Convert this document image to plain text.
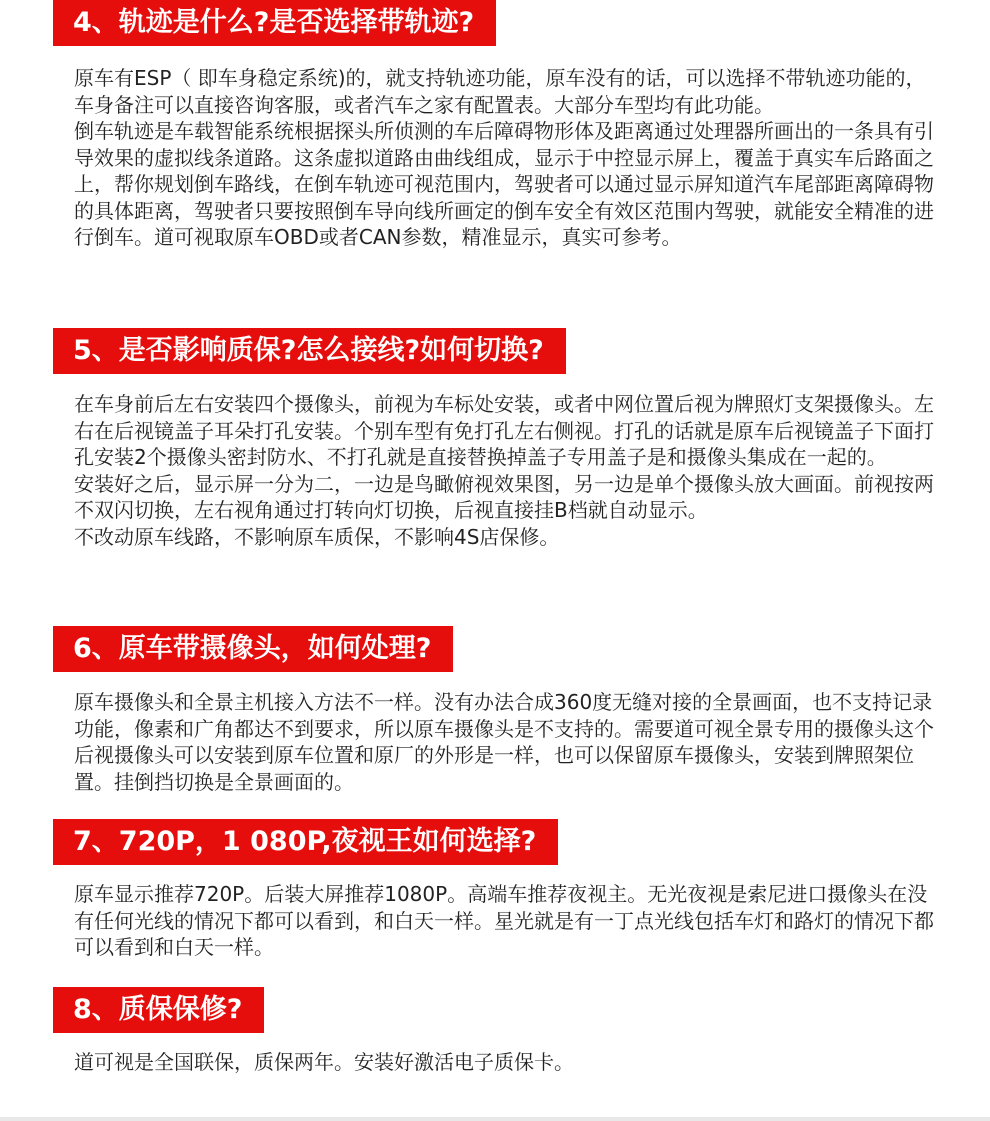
4、轨迹是什么?是否选择带轨迹?

原车有ESP（ 即车身稳定系统)的，就支持轨迹功能，原车没有的话，可以选择不带轨迹功能的，车身备注可以直接咨询客服，或者汽车之家有配置表。大部分车型均有此功能。

倒车轨迹是车载智能系统根据探头所侦测的车后障碍物形体及距离通过处理器所画出的一条具有引导效果的虚拟线条道路。这条虚拟道路由曲线组成，显示于中控显示屏上，覆盖于真实车后路面之上，帮你规划倒车路线，在倒车轨迹可视范围内，驾驶者可以通过显示屏知道汽车尾部距离障碍物的具体距离，驾驶者只要按照倒车导向线所画定的倒车安全有效区范围内驾驶，就能安全精准的进行倒车。道可视取原车OBD或者CAN参数，精准显示，真实可参考。

5、是否影响质保?怎么接线?如何切换?

在车身前后左右安装四个摄像头，前视为车标处安装，或者中网位置后视为牌照灯支架摄像头。左右在后视镜盖子耳朵打孔安装。个别车型有免打孔左右侧视。打孔的话就是原车后视镜盖子下面打孔安装2个摄像头密封防水、不打孔就是直接替换掉盖子专用盖子是和摄像头集成在一起的。

安装好之后，显示屏一分为二，一边是鸟瞰俯视效果图，另一边是单个摄像头放大画面。前视按两不双闪切换，左右视角通过打转向灯切换，后视直接挂B档就自动显示。

不改动原车线路，不影响原车质保，不影响4S店保修。

6、原车带摄像头，如何处理?

原车摄像头和全景主机接入方法不一样。没有办法合成360度无缝对接的全景画面，也不支持记录功能，像素和广角都达不到要求，所以原车摄像头是不支持的。需要道可视全景专用的摄像头这个后视摄像头可以安装到原车位置和原厂的外形是一样，也可以保留原车摄像头，安装到牌照架位置。挂倒挡切换是全景画面的。

7、720P，1 080P,夜视王如何选择?

原车显示推荐720P。后装大屏推荐1080P。高端车推荐夜视主。无光夜视是索尼进口摄像头在没有任何光线的情况下都可以看到，和白天一样。星光就是有一丁点光线包括车灯和路灯的情况下都可以看到和白天一样。

8、质保保修?

道可视是全国联保，质保两年。安装好激活电子质保卡。
